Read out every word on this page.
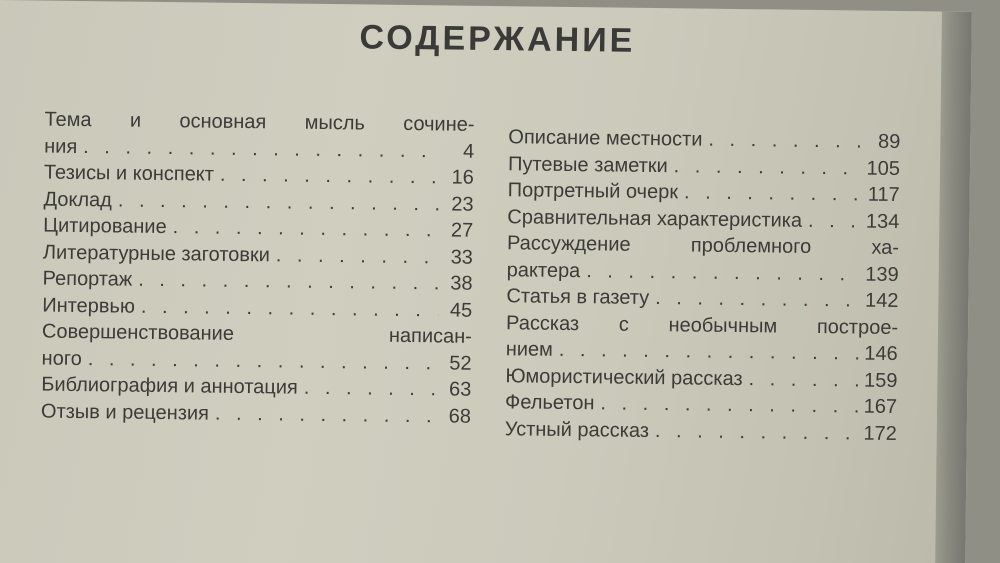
СОДЕРЖАНИЕ
Тема и основная мысль сочине-
ния . . .	4
Тезисы и конспект . . .	16
Доклад . . .	23
Цитирование . . .	27
Литературные заготовки . . .	33
Репортаж . . .	38
Интервью . . .	45
Совершенствование	написан-
ного . . .	52
Библиография и аннотация . . .	63
Отзыв и рецензия . . .	68
Описание местности . . .	89
Путевые заметки . . .	105
Портретный очерк . . .	117
Сравнительная характеристика . . .	134
Рассуждение	проблемного	ха-
рактера . . .	139
Статья в газету . . .	142
Рассказ с необычным построе-
нием . . .	146
Юмористический рассказ . . .	159
Фельетон . . .	167
Устный рассказ . . .	172
